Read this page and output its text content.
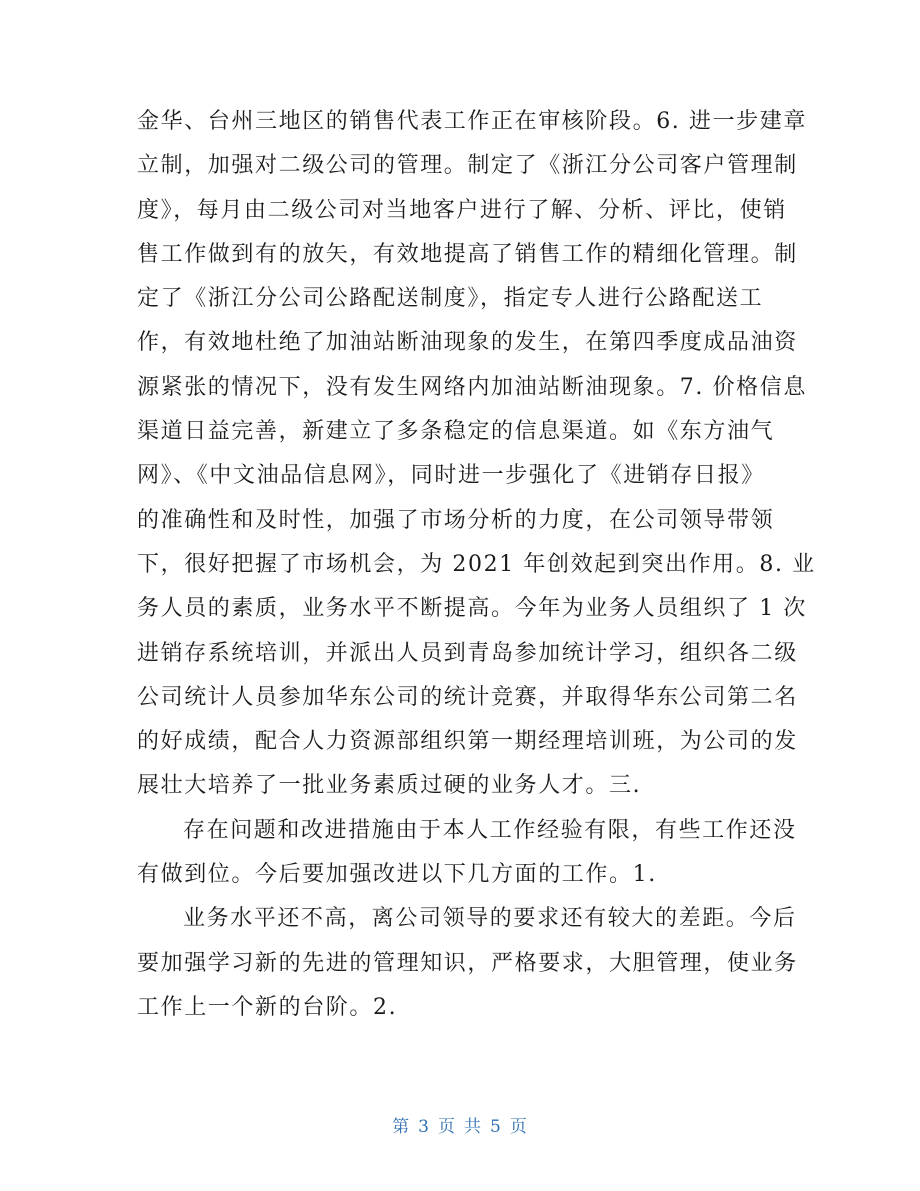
金华、台州三地区的销售代表工作正在审核阶段。6. 进一步建章
立制，加强对二级公司的管理。制定了《浙江分公司客户管理制
度》，每月由二级公司对当地客户进行了解、分析、评比，使销
售工作做到有的放矢，有效地提高了销售工作的精细化管理。制
定了《浙江分公司公路配送制度》，指定专人进行公路配送工
作，有效地杜绝了加油站断油现象的发生，在第四季度成品油资
源紧张的情况下，没有发生网络内加油站断油现象。7. 价格信息
渠道日益完善，新建立了多条稳定的信息渠道。如《东方油气
网》、《中文油品信息网》，同时进一步强化了《进销存日报》
的准确性和及时性，加强了市场分析的力度，在公司领导带领
下，很好把握了市场机会，为 2021 年创效起到突出作用。8. 业
务人员的素质，业务水平不断提高。今年为业务人员组织了 1 次
进销存系统培训，并派出人员到青岛参加统计学习，组织各二级
公司统计人员参加华东公司的统计竞赛，并取得华东公司第二名
的好成绩，配合人力资源部组织第一期经理培训班，为公司的发
展壮大培养了一批业务素质过硬的业务人才。三.
存在问题和改进措施由于本人工作经验有限，有些工作还没
有做到位。今后要加强改进以下几方面的工作。1.
业务水平还不高，离公司领导的要求还有较大的差距。今后
要加强学习新的先进的管理知识，严格要求，大胆管理，使业务
工作上一个新的台阶。2.
第 3 页 共 5 页
